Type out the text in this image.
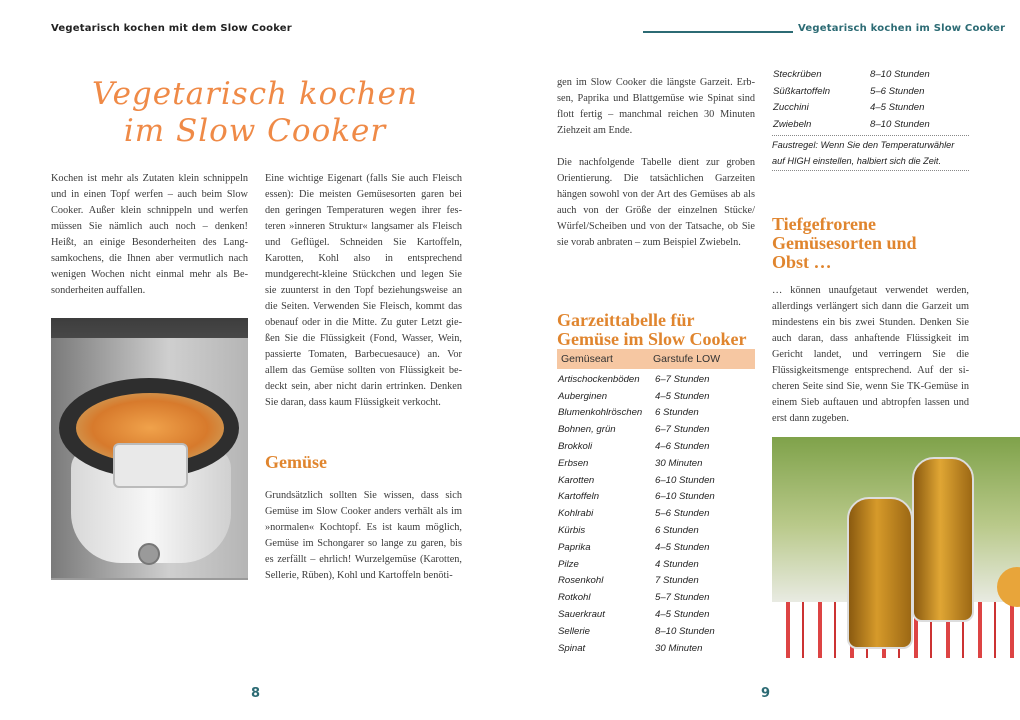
Vegetarisch kochen mit dem Slow Cooker	Vegetarisch kochen im Slow Cooker
Vegetarisch kochen
im Slow Cooker

Kochen ist mehr als Zutaten klein schnippeln und in einen Topf werfen – auch beim Slow Cooker. Außer klein schnippeln und werfen müssen Sie nämlich auch noch – denken! Heißt, an einige Besonderheiten des Langsamkochens, die Ihnen aber vermutlich nach wenigen Wochen nicht einmal mehr als Besonderheiten auffallen.

Eine wichtige Eigenart (falls Sie auch Fleisch essen): Die meisten Gemüsesorten garen bei den geringen Temperaturen wegen ihrer festeren »inneren Struktur« langsamer als Fleisch und Geflügel. Schneiden Sie Kartoffeln, Karotten, Kohl also in entsprechend mundgerecht-kleine Stückchen und legen Sie sie zuunterst in den Topf beziehungsweise an die Seiten. Verwenden Sie Fleisch, kommt das obenauf oder in die Mitte. Zu guter Letzt gießen Sie die Flüssigkeit (Fond, Wasser, Wein, passierte Tomaten, Barbecuesauce) an. Vor allem das Gemüse sollten von Flüssigkeit bedeckt sein, aber nicht darin ertrinken. Denken Sie daran, dass kaum Flüssigkeit verkocht.

Gemüse

Grundsätzlich sollten Sie wissen, dass sich Gemüse im Slow Cooker anders verhält als im »normalen« Kochtopf. Es ist kaum möglich, Gemüse im Schongarer so lange zu garen, bis es zerfällt – ehrlich! Wurzelgemüse (Karotten, Sellerie, Rüben), Kohl und Kartoffeln benöti-

8

gen im Slow Cooker die längste Garzeit. Erbsen, Paprika und Blattgemüse wie Spinat sind flott fertig – manchmal reichen 30 Minuten Ziehzeit am Ende.

Die nachfolgende Tabelle dient zur groben Orientierung. Die tatsächlichen Garzeiten hängen sowohl von der Art des Gemüses ab als auch von der Größe der einzelnen Stücke/ Würfel/Scheiben und von der Tatsache, ob Sie sie vorab anbraten – zum Beispiel Zwiebeln.

Garzeittabelle für
Gemüse im Slow Cooker
Gemüseart	Garstufe LOW
Artischockenböden	6–7 Stunden
Auberginen	4–5 Stunden
Blumenkohlröschen	6 Stunden
Bohnen, grün	6–7 Stunden
Brokkoli	4–6 Stunden
Erbsen	30 Minuten
Karotten	6–10 Stunden
Kartoffeln	6–10 Stunden
Kohlrabi	5–6 Stunden
Kürbis	6 Stunden
Paprika	4–5 Stunden
Pilze	4 Stunden
Rosenkohl	7 Stunden
Rotkohl	5–7 Stunden
Sauerkraut	4–5 Stunden
Sellerie	8–10 Stunden
Spinat	30 Minuten
Steckrüben	8–10 Stunden
Süßkartoffeln	5–6 Stunden
Zucchini	4–5 Stunden
Zwiebeln	8–10 Stunden
Faustregel: Wenn Sie den Temperaturwähler auf HIGH einstellen, halbiert sich die Zeit.
Tiefgefrorene
Gemüsesorten und
Obst …

… können unaufgetaut verwendet werden, allerdings verlängert sich dann die Garzeit um mindestens ein bis zwei Stunden. Denken Sie auch daran, dass anhaftende Flüssigkeit im Gericht landet, und verringern Sie die Flüssigkeitsmenge entsprechend. Auf der sicheren Seite sind Sie, wenn Sie TK-Gemüse in einem Sieb auftauen und abtropfen lassen und erst dann zugeben.

9
